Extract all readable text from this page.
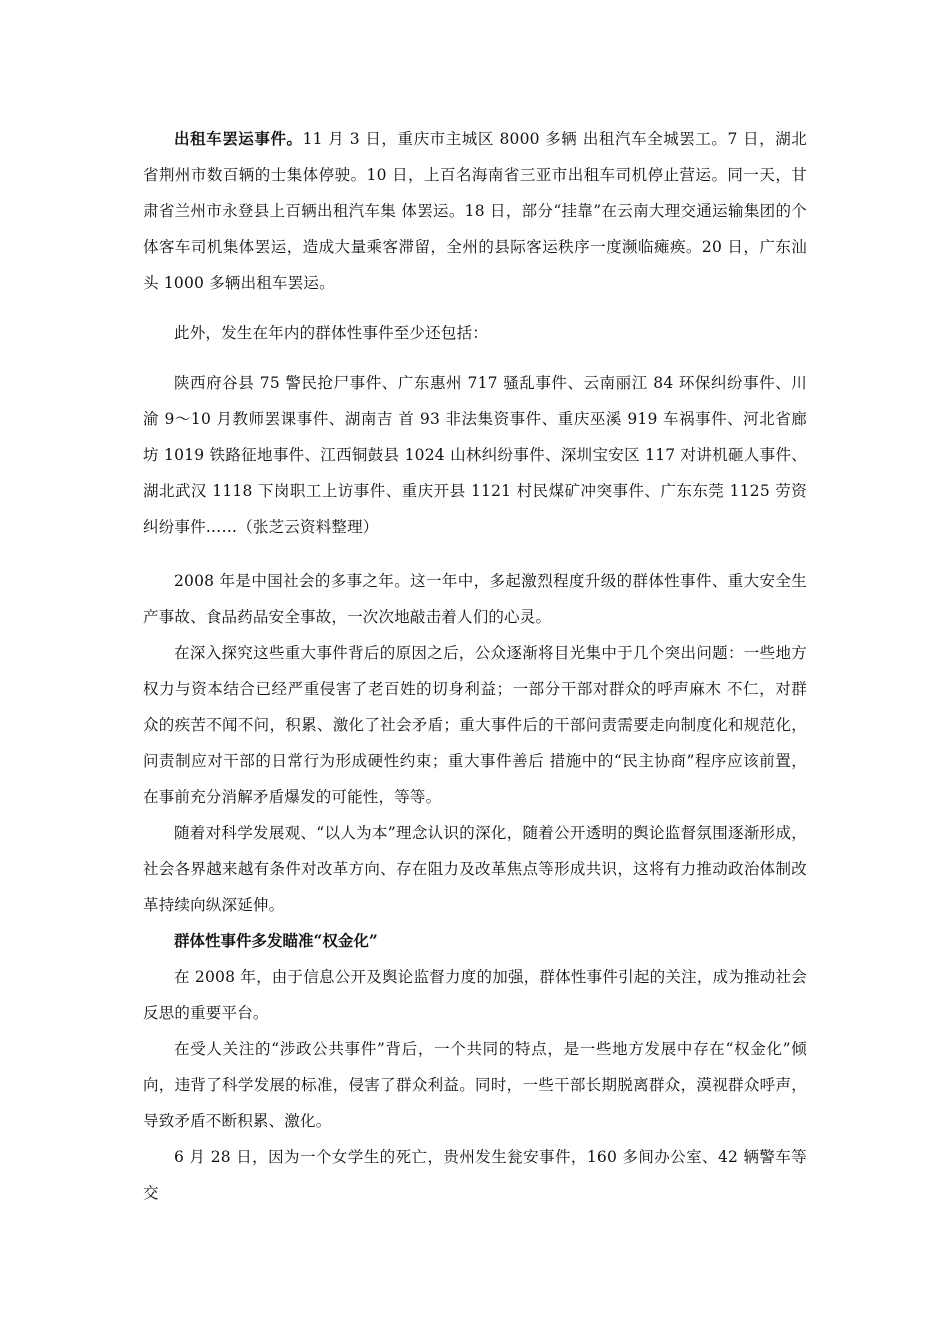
出租车罢运事件。11 月 3 日，重庆市主城区 8000 多辆 出租汽车全城罢工。7 日，湖北省荆州市数百辆的士集体停驶。10 日，上百名海南省三亚市出租车司机停止营运。同一天，甘肃省兰州市永登县上百辆出租汽车集 体罢运。18 日，部分“挂靠”在云南大理交通运输集团的个体客车司机集体罢运，造成大量乘客滞留，全州的县际客运秩序一度濒临瘫痪。20 日，广东汕头 1000 多辆出租车罢运。

此外，发生在年内的群体性事件至少还包括：

陕西府谷县 75 警民抢尸事件、广东惠州 717 骚乱事件、云南丽江 84 环保纠纷事件、川渝 9～10 月教师罢课事件、湖南吉 首 93 非法集资事件、重庆巫溪 919 车祸事件、河北省廊坊 1019 铁路征地事件、江西铜鼓县 1024 山林纠纷事件、深圳宝安区 117 对讲机砸人事件、湖北武汉 1118 下岗职工上访事件、重庆开县 1121 村民煤矿冲突事件、广东东莞 1125 劳资纠纷事件……（张芝云资料整理）

2008 年是中国社会的多事之年。这一年中，多起激烈程度升级的群体性事件、重大安全生产事故、食品药品安全事故，一次次地敲击着人们的心灵。

在深入探究这些重大事件背后的原因之后，公众逐渐将目光集中于几个突出问题：一些地方权力与资本结合已经严重侵害了老百姓的切身利益；一部分干部对群众的呼声麻木 不仁，对群众的疾苦不闻不问，积累、激化了社会矛盾；重大事件后的干部问责需要走向制度化和规范化，问责制应对干部的日常行为形成硬性约束；重大事件善后 措施中的“民主协商”程序应该前置，在事前充分消解矛盾爆发的可能性，等等。

随着对科学发展观、“以人为本”理念认识的深化，随着公开透明的舆论监督氛围逐渐形成，社会各界越来越有条件对改革方向、存在阻力及改革焦点等形成共识，这将有力推动政治体制改革持续向纵深延伸。

群体性事件多发瞄准“权金化”

在 2008 年，由于信息公开及舆论监督力度的加强，群体性事件引起的关注，成为推动社会反思的重要平台。

在受人关注的“涉政公共事件”背后，一个共同的特点，是一些地方发展中存在“权金化”倾向，违背了科学发展的标准，侵害了群众利益。同时，一些干部长期脱离群众，漠视群众呼声，导致矛盾不断积累、激化。

6 月 28 日，因为一个女学生的死亡，贵州发生瓮安事件，160 多间办公室、42 辆警车等交
